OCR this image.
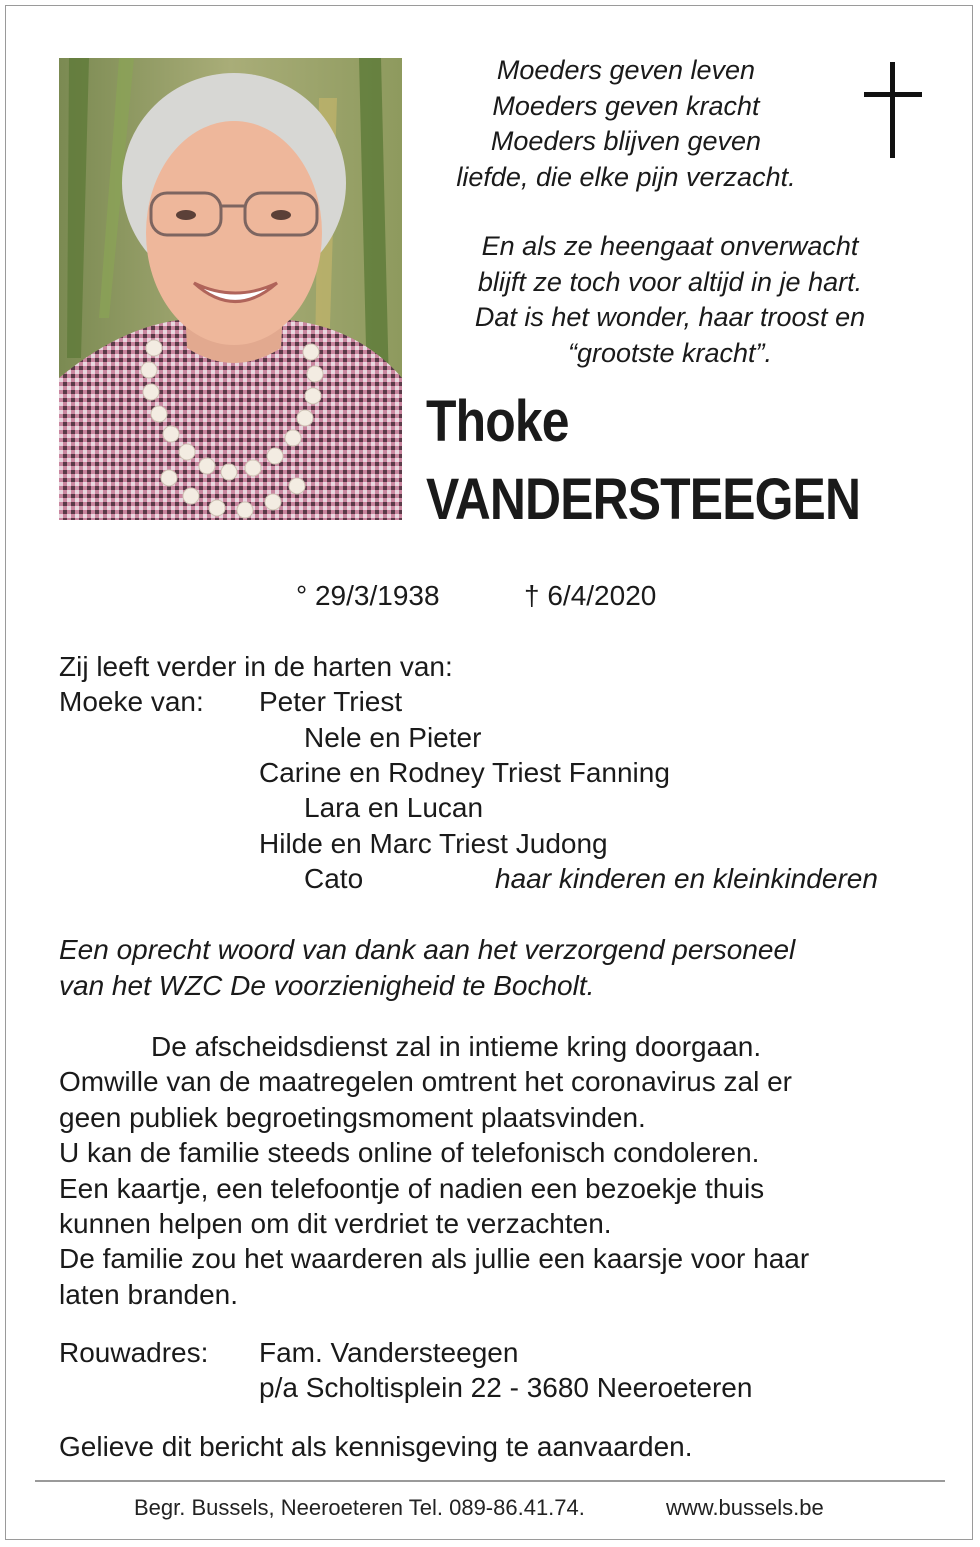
Moeders geven leven
Moeders geven kracht
Moeders blijven geven
liefde, die elke pijn verzacht.
En als ze heengaat onverwacht
blijft ze toch voor altijd in je hart.
Dat is het wonder, haar troost en
“grootste kracht”.
Thoke
VANDERSTEEGEN
° 29/3/1938	† 6/4/2020
Zij leeft verder in de harten van:
Moeke van: Peter Triest
Nele en Pieter
Carine en Rodney Triest Fanning
Lara en Lucan
Hilde en Marc Triest Judong
Cato	haar kinderen en kleinkinderen
Een oprecht woord van dank aan het verzorgend personeel
van het WZC De voorzienigheid te Bocholt.
De afscheidsdienst zal in intieme kring doorgaan.
Omwille van de maatregelen omtrent het coronavirus zal er
geen publiek begroetingsmoment plaatsvinden.
U kan de familie steeds online of telefonisch condoleren.
Een kaartje, een telefoontje of nadien een bezoekje thuis
kunnen helpen om dit verdriet te verzachten.
De familie zou het waarderen als jullie een kaarsje voor haar
laten branden.
Rouwadres: Fam. Vandersteegen
p/a Scholtisplein 22 - 3680 Neeroeteren
Gelieve dit bericht als kennisgeving te aanvaarden.
Begr. Bussels, Neeroeteren Tel. 089-86.41.74.	www.bussels.be
